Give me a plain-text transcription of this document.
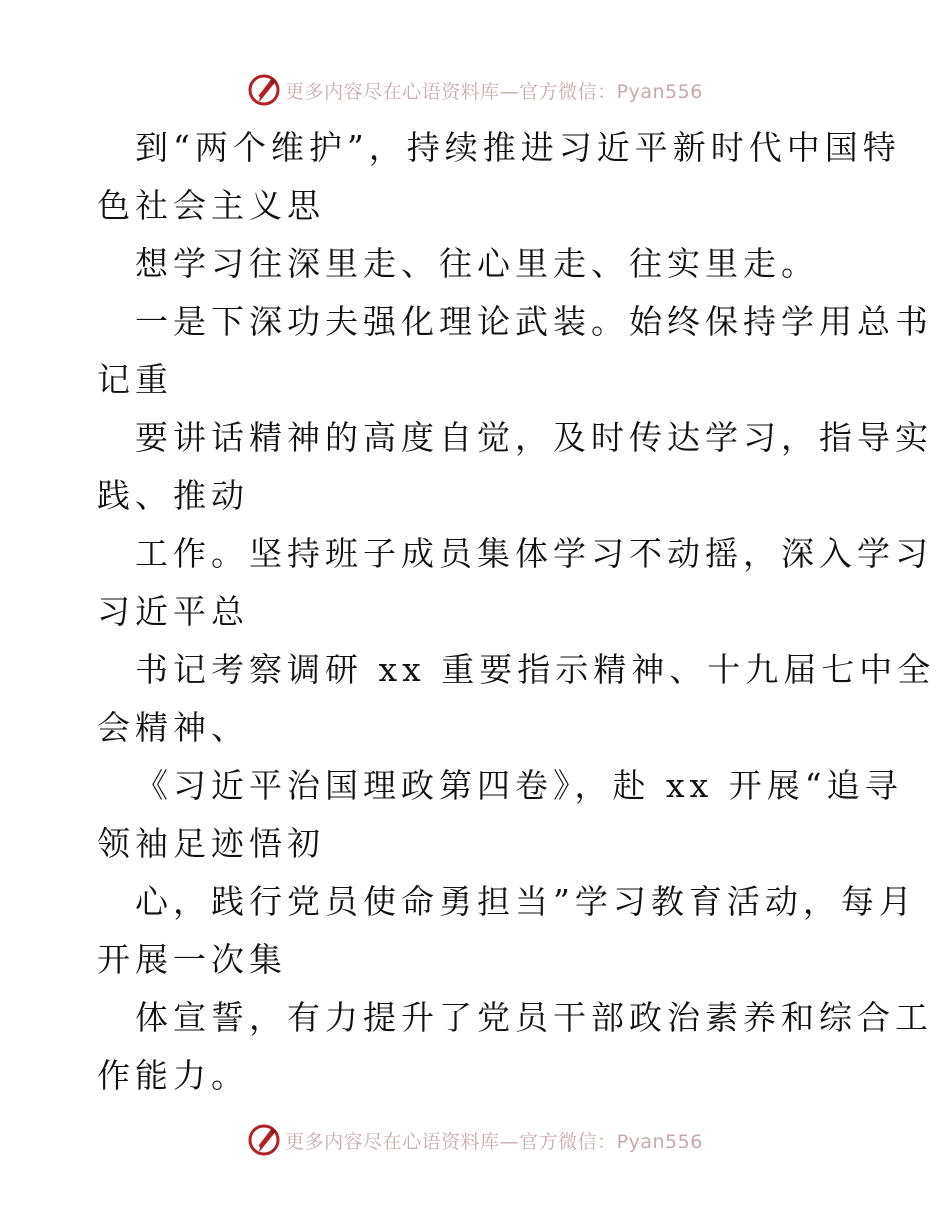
更多内容尽在心语资料库—官方微信：Pyan556
到“两个维护”，持续推进习近平新时代中国特
色社会主义思
想学习往深里走、往心里走、往实里走。
一是下深功夫强化理论武装。始终保持学用总书
记重
要讲话精神的高度自觉，及时传达学习，指导实
践、推动
工作。坚持班子成员集体学习不动摇，深入学习
习近平总
书记考察调研 xx 重要指示精神、十九届七中全
会精神、
《习近平治国理政第四卷》，赴 xx 开展“追寻
领袖足迹悟初
心，践行党员使命勇担当”学习教育活动，每月
开展一次集
体宣誓，有力提升了党员干部政治素养和综合工
作能力。
更多内容尽在心语资料库—官方微信：Pyan556
